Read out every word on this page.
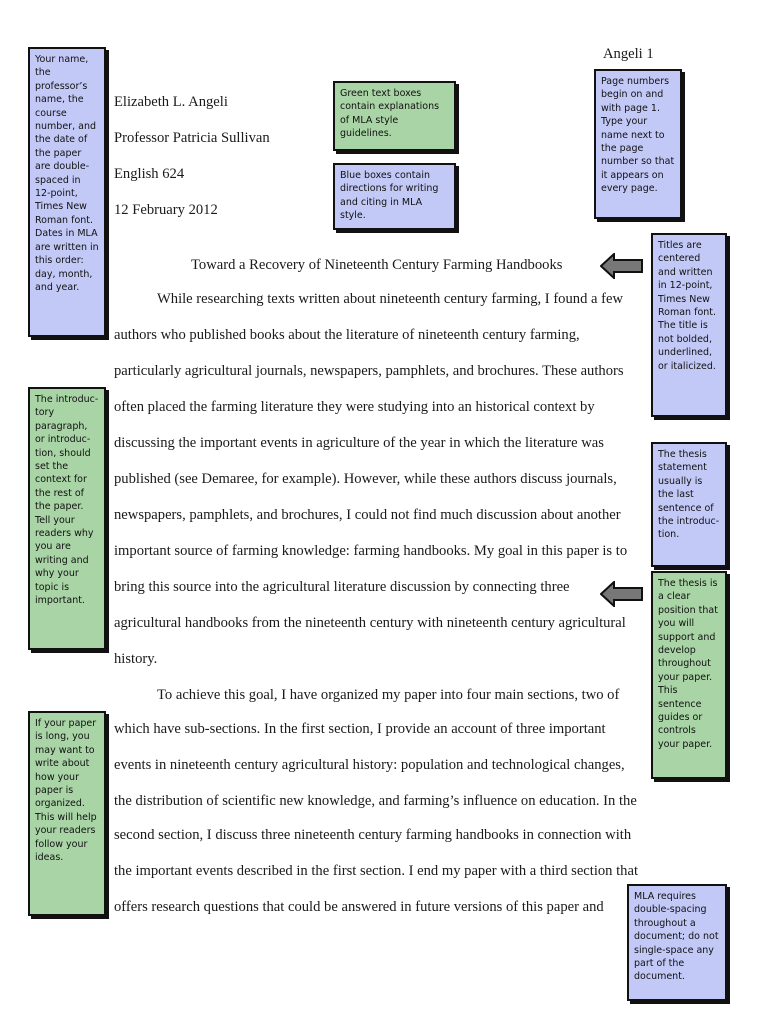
Angeli 1
Elizabeth L. Angeli
Professor Patricia Sullivan
English 624
12 February 2012
Toward a Recovery of Nineteenth Century Farming Handbooks
While researching texts written about nineteenth century farming, I found a few
authors who published books about the literature of nineteenth century farming,
particularly agricultural journals, newspapers, pamphlets, and brochures. These authors
often placed the farming literature they were studying into an historical context by
discussing the important events in agriculture of the year in which the literature was
published (see Demaree, for example). However, while these authors discuss journals,
newspapers, pamphlets, and brochures, I could not find much discussion about another
important source of farming knowledge: farming handbooks. My goal in this paper is to
bring this source into the agricultural literature discussion by connecting three
agricultural handbooks from the nineteenth century with nineteenth century agricultural
history.
To achieve this goal, I have organized my paper into four main sections, two of
which have sub-sections. In the first section, I provide an account of three important
events in nineteenth century agricultural history: population and technological changes,
the distribution of scientific new knowledge, and farming’s influence on education. In the
second section, I discuss three nineteenth century farming handbooks in connection with
the important events described in the first section. I end my paper with a third section that
offers research questions that could be answered in future versions of this paper and
Your name, the professor’s name, the course number, and the date of the paper are double-spaced in 12-point, Times New Roman font. Dates in MLA are written in this order: day, month, and year.
Green text boxes contain explanations of MLA style guidelines.
Blue boxes contain directions for writing and citing in MLA style.
Page numbers begin on and with page 1. Type your name next to the page number so that it appears on every page.
Titles are centered and written in 12-point, Times New Roman font. The title is not bolded, underlined, or italicized.
The introduc-tory paragraph, or introduc-tion, should set the context for the rest of the paper. Tell your readers why you are writing and why your topic is important.
The thesis statement usually is the last sentence of the introduc-tion.
The thesis is a clear position that you will support and develop throughout your paper. This sentence guides or controls your paper.
If your paper is long, you may want to write about how your paper is organized. This will help your readers follow your ideas.
MLA requires double-spacing throughout a document; do not single-space any part of the document.
